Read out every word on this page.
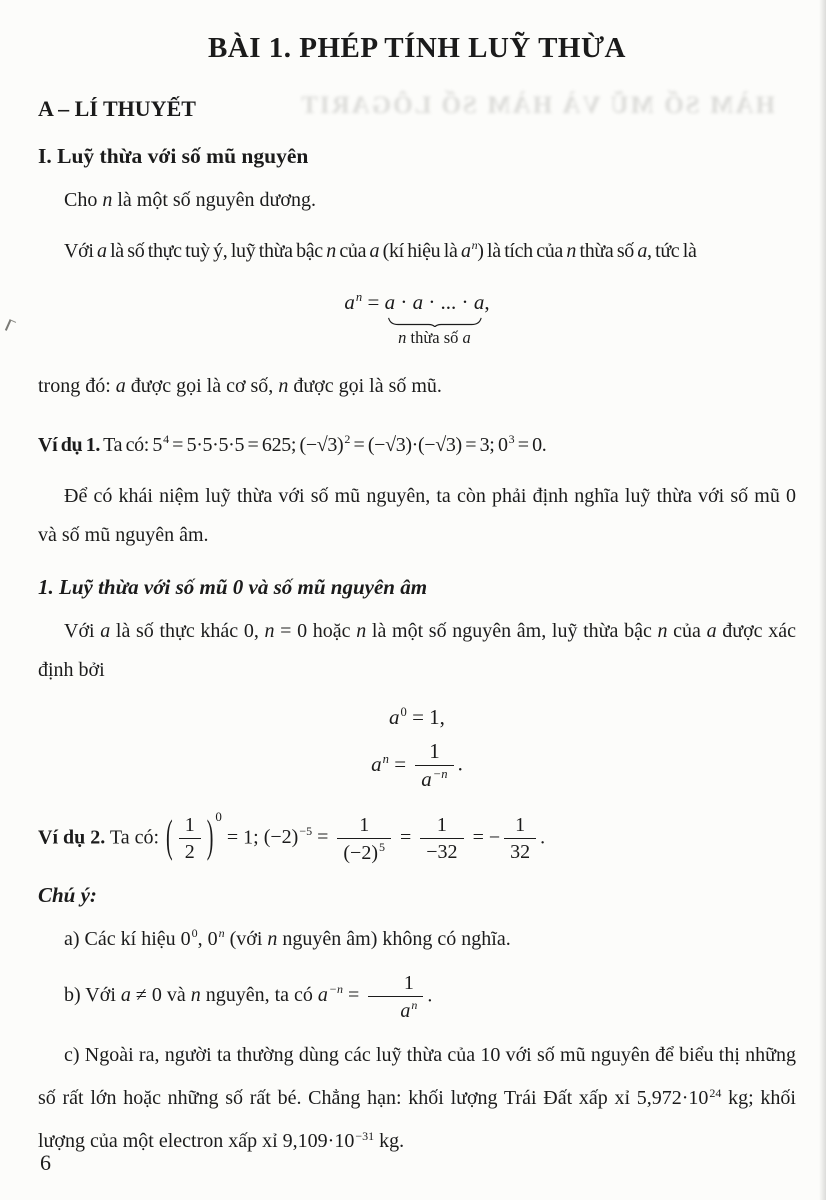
HÀM SỐ MŨ VÀ HÀM SỐ LÔGARIT
BÀI 1. PHÉP TÍNH LUỸ THỪA
A – LÍ THUYẾT
I. Luỹ thừa với số mũ nguyên

Cho n là một số nguyên dương.

Với a là số thực tuỳ ý, luỹ thừa bậc n của a (kí hiệu là $a^n$) là tích của n thừa số a, tức là

$a^n = a \cdot a$ · ... · a
n thừa số a
,

trong đó: a được gọi là cơ số, n được gọi là số mũ.

Ví dụ 1. Ta có: $5^4 = 5\cdot 5\cdot 5\cdot 5 = 625$; $(-√3)^2 = (-√3)\cdot(-√3) = 3$; $0^3 = 0$.

Để có khái niệm luỹ thừa với số mũ nguyên, ta còn phải định nghĩa luỹ thừa với số mũ 0 và số mũ nguyên âm.

1. Luỹ thừa với số mũ 0 và số mũ nguyên âm

Với a là số thực khác 0, n = 0 hoặc n là một số nguyên âm, luỹ thừa bậc n của a được xác định bởi

$a^0 = 1$,
$a^n = \frac{1}{a^{-n}}$ .

Ví dụ 2. Ta có: ( $\frac{1}{2}$ ) $^0$ = 1; $(-2)^{-5} = \frac{1}{(-2)^5} = \frac{1}{-32}$ = − $\frac{1}{32}$ .

Chú ý:

a) Các kí hiệu $0^0$, 0$^n$ (với n nguyên âm) không có nghĩa.

b) Với a ≠ 0 và n nguyên, ta có $a^{-n} = \frac{1}{a^n}$ .

c) Ngoài ra, người ta thường dùng các luỹ thừa của 10 với số mũ nguyên để biểu thị những số rất lớn hoặc những số rất bé. Chẳng hạn: khối lượng Trái Đất xấp xỉ $5,972\cdot 10^{24}$ kg; khối lượng của một electron xấp xỉ $9,109\cdot 10^{-31}$ kg.

6
